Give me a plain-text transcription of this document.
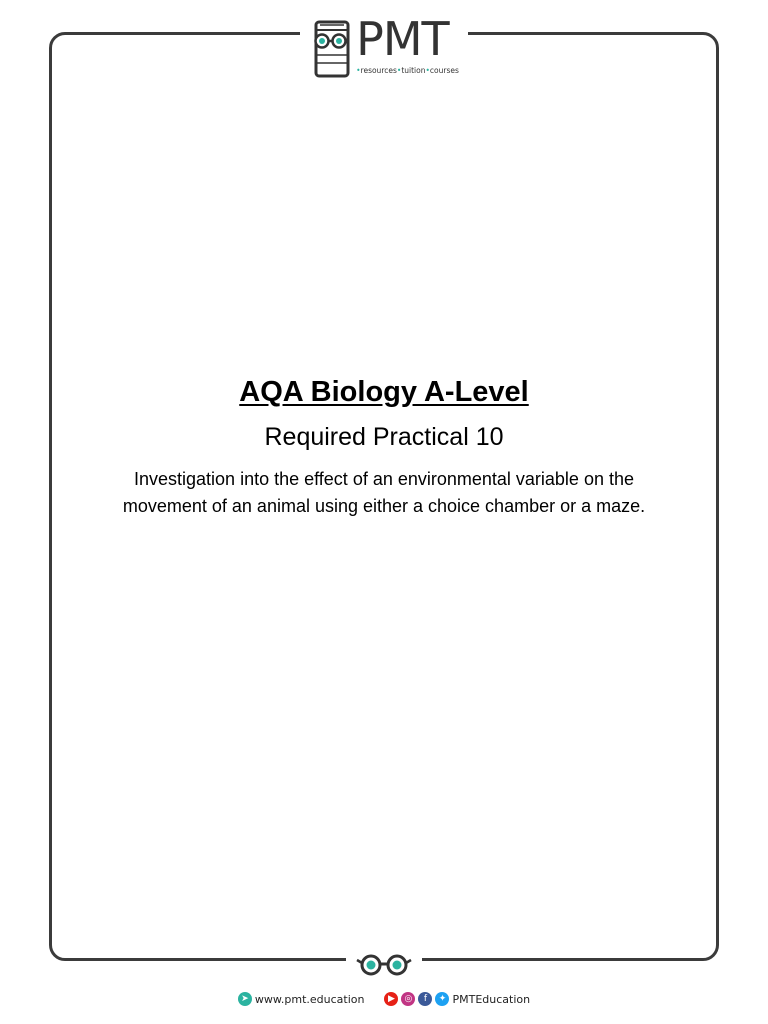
PMT
•resources•tuition•courses
AQA Biology A-Level
Required Practical 10

Investigation into the effect of an environmental variable on the movement of an animal using either a choice chamber or a maze.

➤ www.pmt.education	▶	◎	f	✦ PMTEducation
